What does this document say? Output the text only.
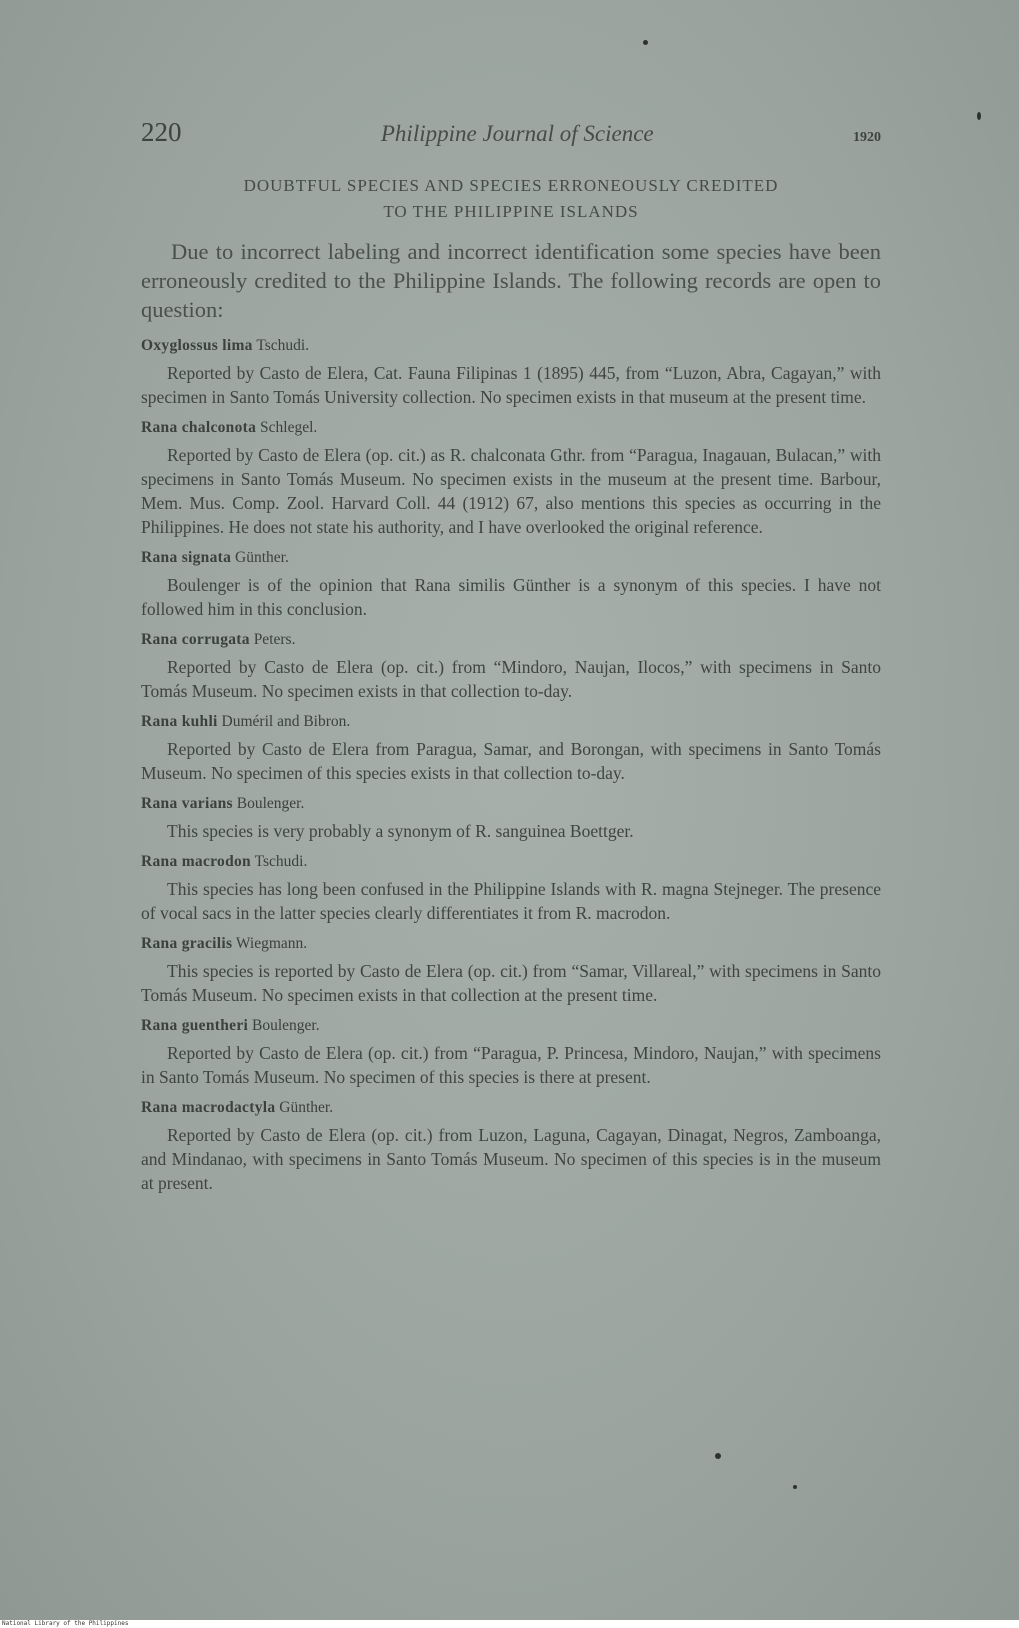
220	Philippine Journal of Science	1920
DOUBTFUL SPECIES AND SPECIES ERRONEOUSLY CREDITED
TO THE PHILIPPINE ISLANDS

Due to incorrect labeling and incorrect identification some species have been erroneously credited to the Philippine Islands. The following records are open to question:

Oxyglossus lima Tschudi.

Reported by Casto de Elera, Cat. Fauna Filipinas 1 (1895) 445, from “Luzon, Abra, Cagayan,” with specimen in Santo Tomás University collection. No specimen exists in that museum at the present time.

Rana chalconota Schlegel.

Reported by Casto de Elera (op. cit.) as R. chalconata Gthr. from “Paragua, Inagauan, Bulacan,” with specimens in Santo Tomás Museum. No specimen exists in the museum at the present time. Barbour, Mem. Mus. Comp. Zool. Harvard Coll. 44 (1912) 67, also mentions this species as occurring in the Philippines. He does not state his authority, and I have overlooked the original reference.

Rana signata Günther.

Boulenger is of the opinion that Rana similis Günther is a synonym of this species. I have not followed him in this conclusion.

Rana corrugata Peters.

Reported by Casto de Elera (op. cit.) from “Mindoro, Naujan, Ilocos,” with specimens in Santo Tomás Museum. No specimen exists in that collection to-day.

Rana kuhli Duméril and Bibron.

Reported by Casto de Elera from Paragua, Samar, and Borongan, with specimens in Santo Tomás Museum. No specimen of this species exists in that collection to-day.

Rana varians Boulenger.

This species is very probably a synonym of R. sanguinea Boettger.

Rana macrodon Tschudi.

This species has long been confused in the Philippine Islands with R. magna Stejneger. The presence of vocal sacs in the latter species clearly differentiates it from R. macrodon.

Rana gracilis Wiegmann.

This species is reported by Casto de Elera (op. cit.) from “Samar, Villareal,” with specimens in Santo Tomás Museum. No specimen exists in that collection at the present time.

Rana guentheri Boulenger.

Reported by Casto de Elera (op. cit.) from “Paragua, P. Princesa, Mindoro, Naujan,” with specimens in Santo Tomás Museum. No specimen of this species is there at present.

Rana macrodactyla Günther.

Reported by Casto de Elera (op. cit.) from Luzon, Laguna, Cagayan, Dinagat, Negros, Zamboanga, and Mindanao, with specimens in Santo Tomás Museum. No specimen of this species is in the museum at present.

National Library of the Philippines
